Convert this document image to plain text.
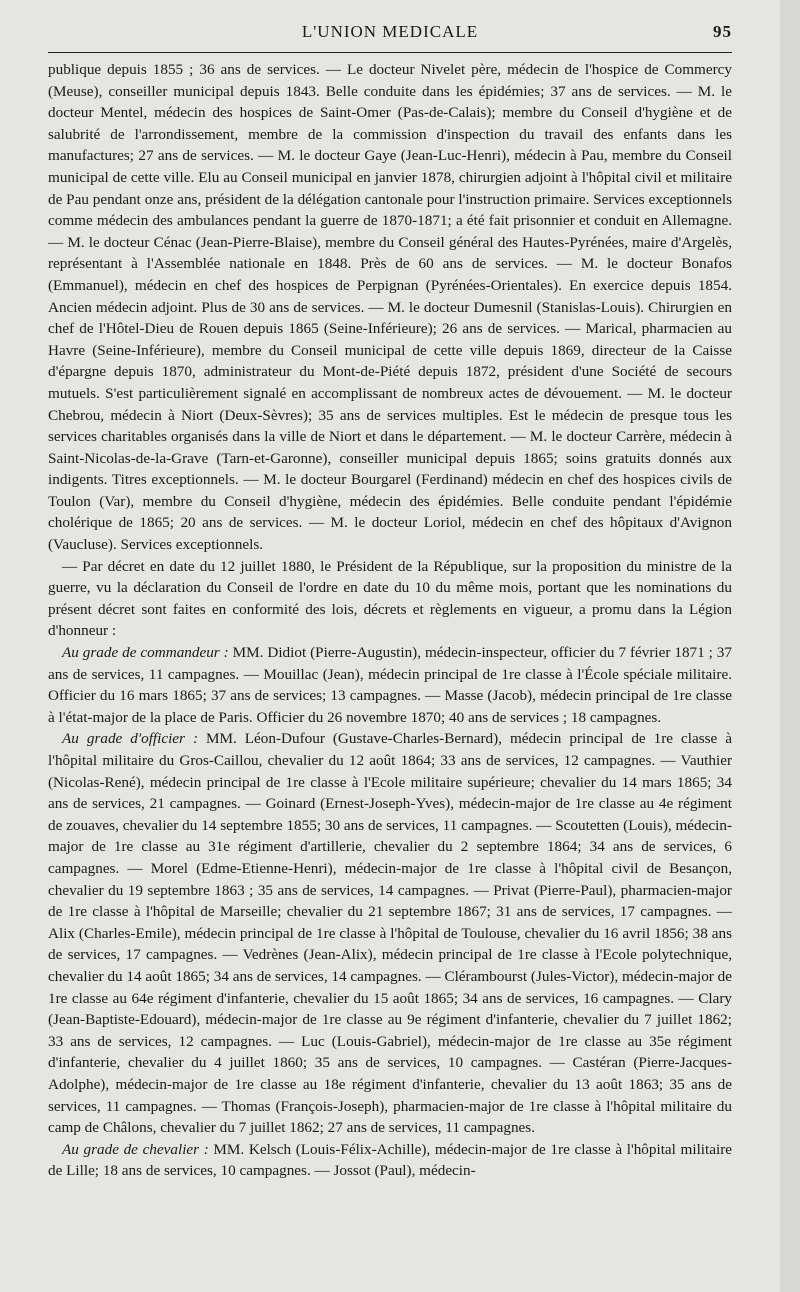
L'UNION MEDICALE	95

publique depuis 1855 ; 36 ans de services. — Le docteur Nivelet père, médecin de l'hospice de Commercy (Meuse), conseiller municipal depuis 1843. Belle conduite dans les épidémies; 37 ans de services. — M. le docteur Mentel, médecin des hospices de Saint-Omer (Pas-de-Calais); membre du Conseil d'hygiène et de salubrité de l'arrondissement, membre de la commission d'inspection du travail des enfants dans les manufactures; 27 ans de services. — M. le docteur Gaye (Jean-Luc-Henri), médecin à Pau, membre du Conseil municipal de cette ville. Elu au Conseil municipal en janvier 1878, chirurgien adjoint à l'hôpital civil et militaire de Pau pendant onze ans, président de la délégation cantonale pour l'instruction primaire. Services exceptionnels comme médecin des ambulances pendant la guerre de 1870-1871; a été fait prisonnier et conduit en Allemagne. — M. le docteur Cénac (Jean-Pierre-Blaise), membre du Conseil général des Hautes-Pyrénées, maire d'Argelès, représentant à l'Assemblée nationale en 1848. Près de 60 ans de services. — M. le docteur Bonafos (Emmanuel), médecin en chef des hospices de Perpignan (Pyrénées-Orientales). En exercice depuis 1854. Ancien médecin adjoint. Plus de 30 ans de services. — M. le docteur Dumesnil (Stanislas-Louis). Chirurgien en chef de l'Hôtel-Dieu de Rouen depuis 1865 (Seine-Inférieure); 26 ans de services. — Marical, pharmacien au Havre (Seine-Inférieure), membre du Conseil municipal de cette ville depuis 1869, directeur de la Caisse d'épargne depuis 1870, administrateur du Mont-de-Piété depuis 1872, président d'une Société de secours mutuels. S'est particulièrement signalé en accomplissant de nombreux actes de dévouement. — M. le docteur Chebrou, médecin à Niort (Deux-Sèvres); 35 ans de services multiples. Est le médecin de presque tous les services charitables organisés dans la ville de Niort et dans le département. — M. le docteur Carrère, médecin à Saint-Nicolas-de-la-Grave (Tarn-et-Garonne), conseiller municipal depuis 1865; soins gratuits donnés aux indigents. Titres exceptionnels. — M. le docteur Bourgarel (Ferdinand) médecin en chef des hospices civils de Toulon (Var), membre du Conseil d'hygiène, médecin des épidémies. Belle conduite pendant l'épidémie cholérique de 1865; 20 ans de services. — M. le docteur Loriol, médecin en chef des hôpitaux d'Avignon (Vaucluse). Services exceptionnels.

— Par décret en date du 12 juillet 1880, le Président de la République, sur la proposition du ministre de la guerre, vu la déclaration du Conseil de l'ordre en date du 10 du même mois, portant que les nominations du présent décret sont faites en conformité des lois, décrets et règlements en vigueur, a promu dans la Légion d'honneur :

Au grade de commandeur : MM. Didiot (Pierre-Augustin), médecin-inspecteur, officier du 7 février 1871 ; 37 ans de services, 11 campagnes. — Mouillac (Jean), médecin principal de 1re classe à l'École spéciale militaire. Officier du 16 mars 1865; 37 ans de services; 13 campagnes. — Masse (Jacob), médecin principal de 1re classe à l'état-major de la place de Paris. Officier du 26 novembre 1870; 40 ans de services ; 18 campagnes.

Au grade d'officier : MM. Léon-Dufour (Gustave-Charles-Bernard), médecin principal de 1re classe à l'hôpital militaire du Gros-Caillou, chevalier du 12 août 1864; 33 ans de services, 12 campagnes. — Vauthier (Nicolas-René), médecin principal de 1re classe à l'Ecole militaire supérieure; chevalier du 14 mars 1865; 34 ans de services, 21 campagnes. — Goinard (Ernest-Joseph-Yves), médecin-major de 1re classe au 4e régiment de zouaves, chevalier du 14 septembre 1855; 30 ans de services, 11 campagnes. — Scoutetten (Louis), médecin-major de 1re classe au 31e régiment d'artillerie, chevalier du 2 septembre 1864; 34 ans de services, 6 campagnes. — Morel (Edme-Etienne-Henri), médecin-major de 1re classe à l'hôpital civil de Besançon, chevalier du 19 septembre 1863 ; 35 ans de services, 14 campagnes. — Privat (Pierre-Paul), pharmacien-major de 1re classe à l'hôpital de Marseille; chevalier du 21 septembre 1867; 31 ans de services, 17 campagnes. — Alix (Charles-Emile), médecin principal de 1re classe à l'hôpital de Toulouse, chevalier du 16 avril 1856; 38 ans de services, 17 campagnes. — Vedrènes (Jean-Alix), médecin principal de 1re classe à l'Ecole polytechnique, chevalier du 14 août 1865; 34 ans de services, 14 campagnes. — Clérambourst (Jules-Victor), médecin-major de 1re classe au 64e régiment d'infanterie, chevalier du 15 août 1865; 34 ans de services, 16 campagnes. — Clary (Jean-Baptiste-Edouard), médecin-major de 1re classe au 9e régiment d'infanterie, chevalier du 7 juillet 1862; 33 ans de services, 12 campagnes. — Luc (Louis-Gabriel), médecin-major de 1re classe au 35e régiment d'infanterie, chevalier du 4 juillet 1860; 35 ans de services, 10 campagnes. — Castéran (Pierre-Jacques-Adolphe), médecin-major de 1re classe au 18e régiment d'infanterie, chevalier du 13 août 1863; 35 ans de services, 11 campagnes. — Thomas (François-Joseph), pharmacien-major de 1re classe à l'hôpital militaire du camp de Châlons, chevalier du 7 juillet 1862; 27 ans de services, 11 campagnes.

Au grade de chevalier : MM. Kelsch (Louis-Félix-Achille), médecin-major de 1re classe à l'hôpital militaire de Lille; 18 ans de services, 10 campagnes. — Jossot (Paul), médecin-
